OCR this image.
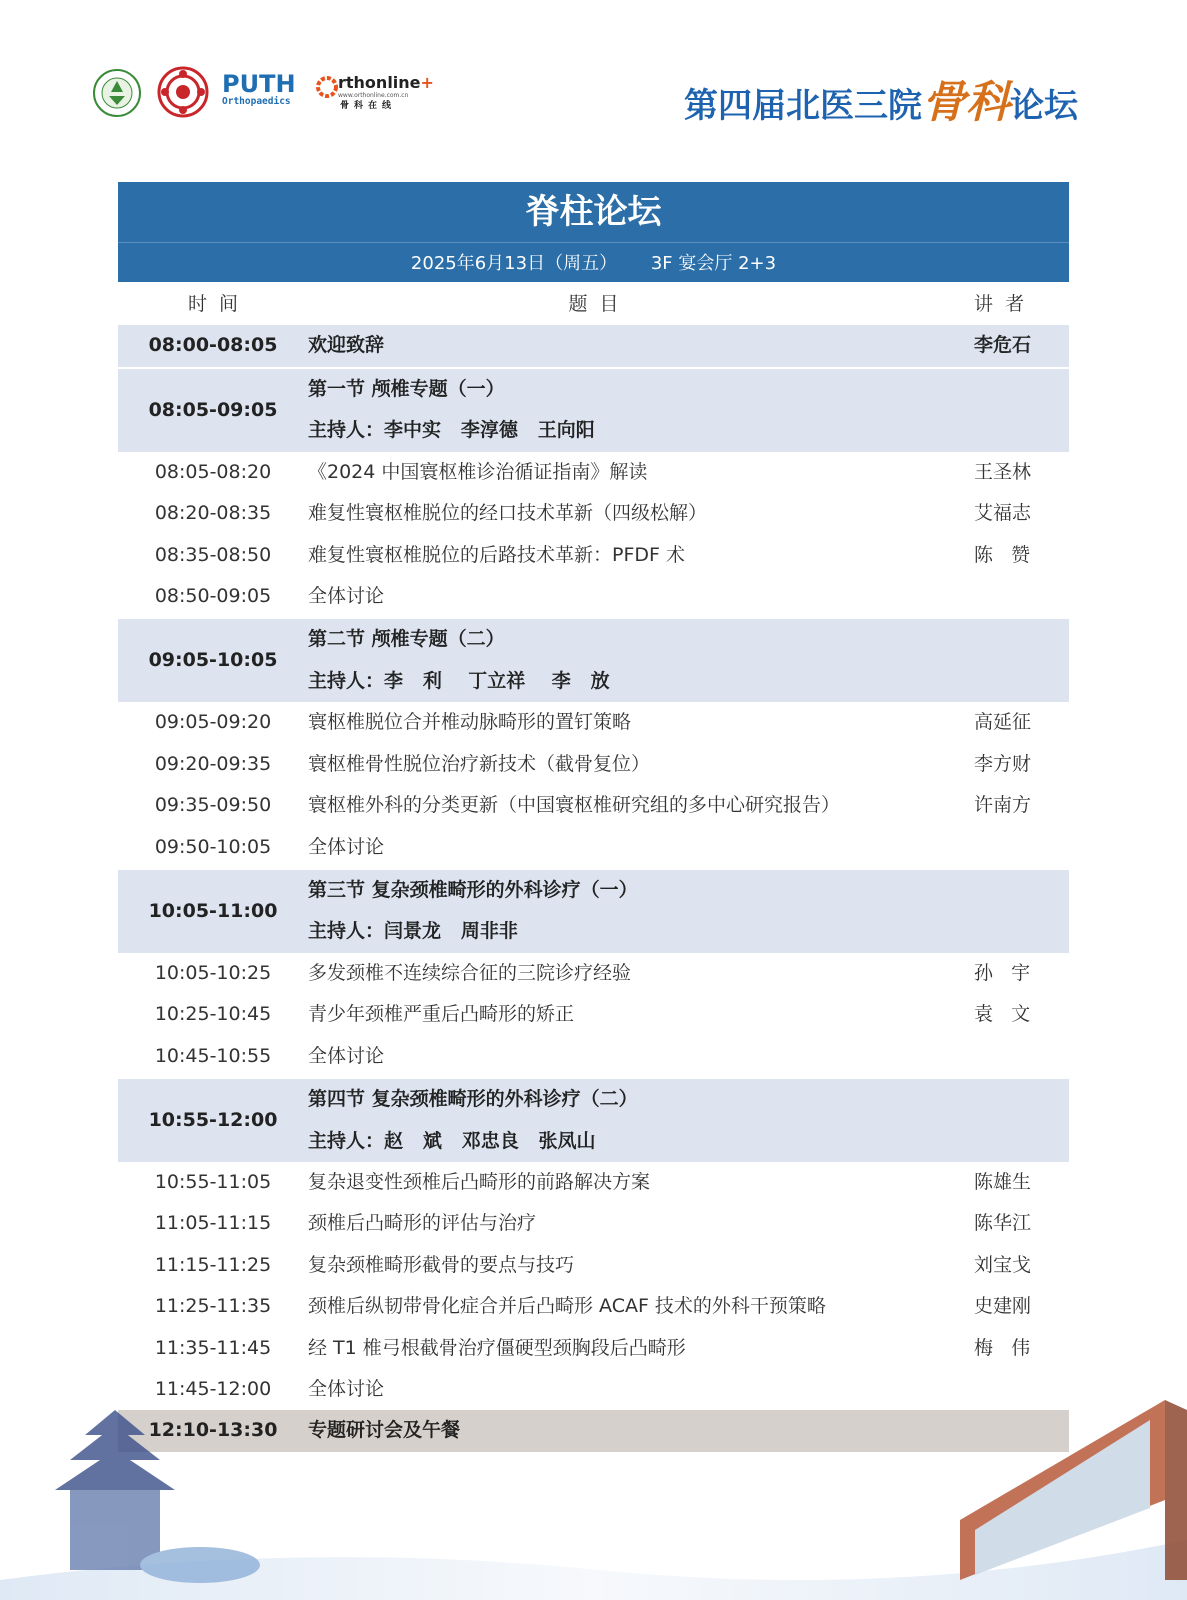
PUTH
Orthopaedics
rthonline+
www.orthonline.com.cn
骨科在线	第四届北医三院骨科论坛
脊柱论坛
2025年6月13日（周五） 3F 宴会厅 2+3
时  间	题  目	讲  者
08:00-08:05	欢迎致辞	李危石
08:05-09:05
第一节 颅椎专题（一）
主持人：李中实   李淳德   王向阳
08:05-08:20	《2024 中国寰枢椎诊治循证指南》解读	王圣林
08:20-08:35	难复性寰枢椎脱位的经口技术革新（四级松解）	艾福志
08:35-08:50	难复性寰枢椎脱位的后路技术革新：PFDF 术	陈   赞
08:50-09:05	全体讨论
09:05-10:05
第二节 颅椎专题（二）
主持人：李   利    丁立祥    李   放
09:05-09:20	寰枢椎脱位合并椎动脉畸形的置钉策略	高延征
09:20-09:35	寰枢椎骨性脱位治疗新技术（截骨复位）	李方财
09:35-09:50	寰枢椎外科的分类更新（中国寰枢椎研究组的多中心研究报告）	许南方
09:50-10:05	全体讨论
10:05-11:00
第三节 复杂颈椎畸形的外科诊疗（一）
主持人：闫景龙   周非非
10:05-10:25	多发颈椎不连续综合征的三院诊疗经验	孙   宇
10:25-10:45	青少年颈椎严重后凸畸形的矫正	袁   文
10:45-10:55	全体讨论
10:55-12:00
第四节 复杂颈椎畸形的外科诊疗（二）
主持人：赵   斌   邓忠良   张凤山
10:55-11:05	复杂退变性颈椎后凸畸形的前路解决方案	陈雄生
11:05-11:15	颈椎后凸畸形的评估与治疗	陈华江
11:15-11:25	复杂颈椎畸形截骨的要点与技巧	刘宝戈
11:25-11:35	颈椎后纵韧带骨化症合并后凸畸形 ACAF 技术的外科干预策略	史建刚
11:35-11:45	经 T1 椎弓根截骨治疗僵硬型颈胸段后凸畸形	梅   伟
11:45-12:00	全体讨论
12:10-13:30	专题研讨会及午餐
